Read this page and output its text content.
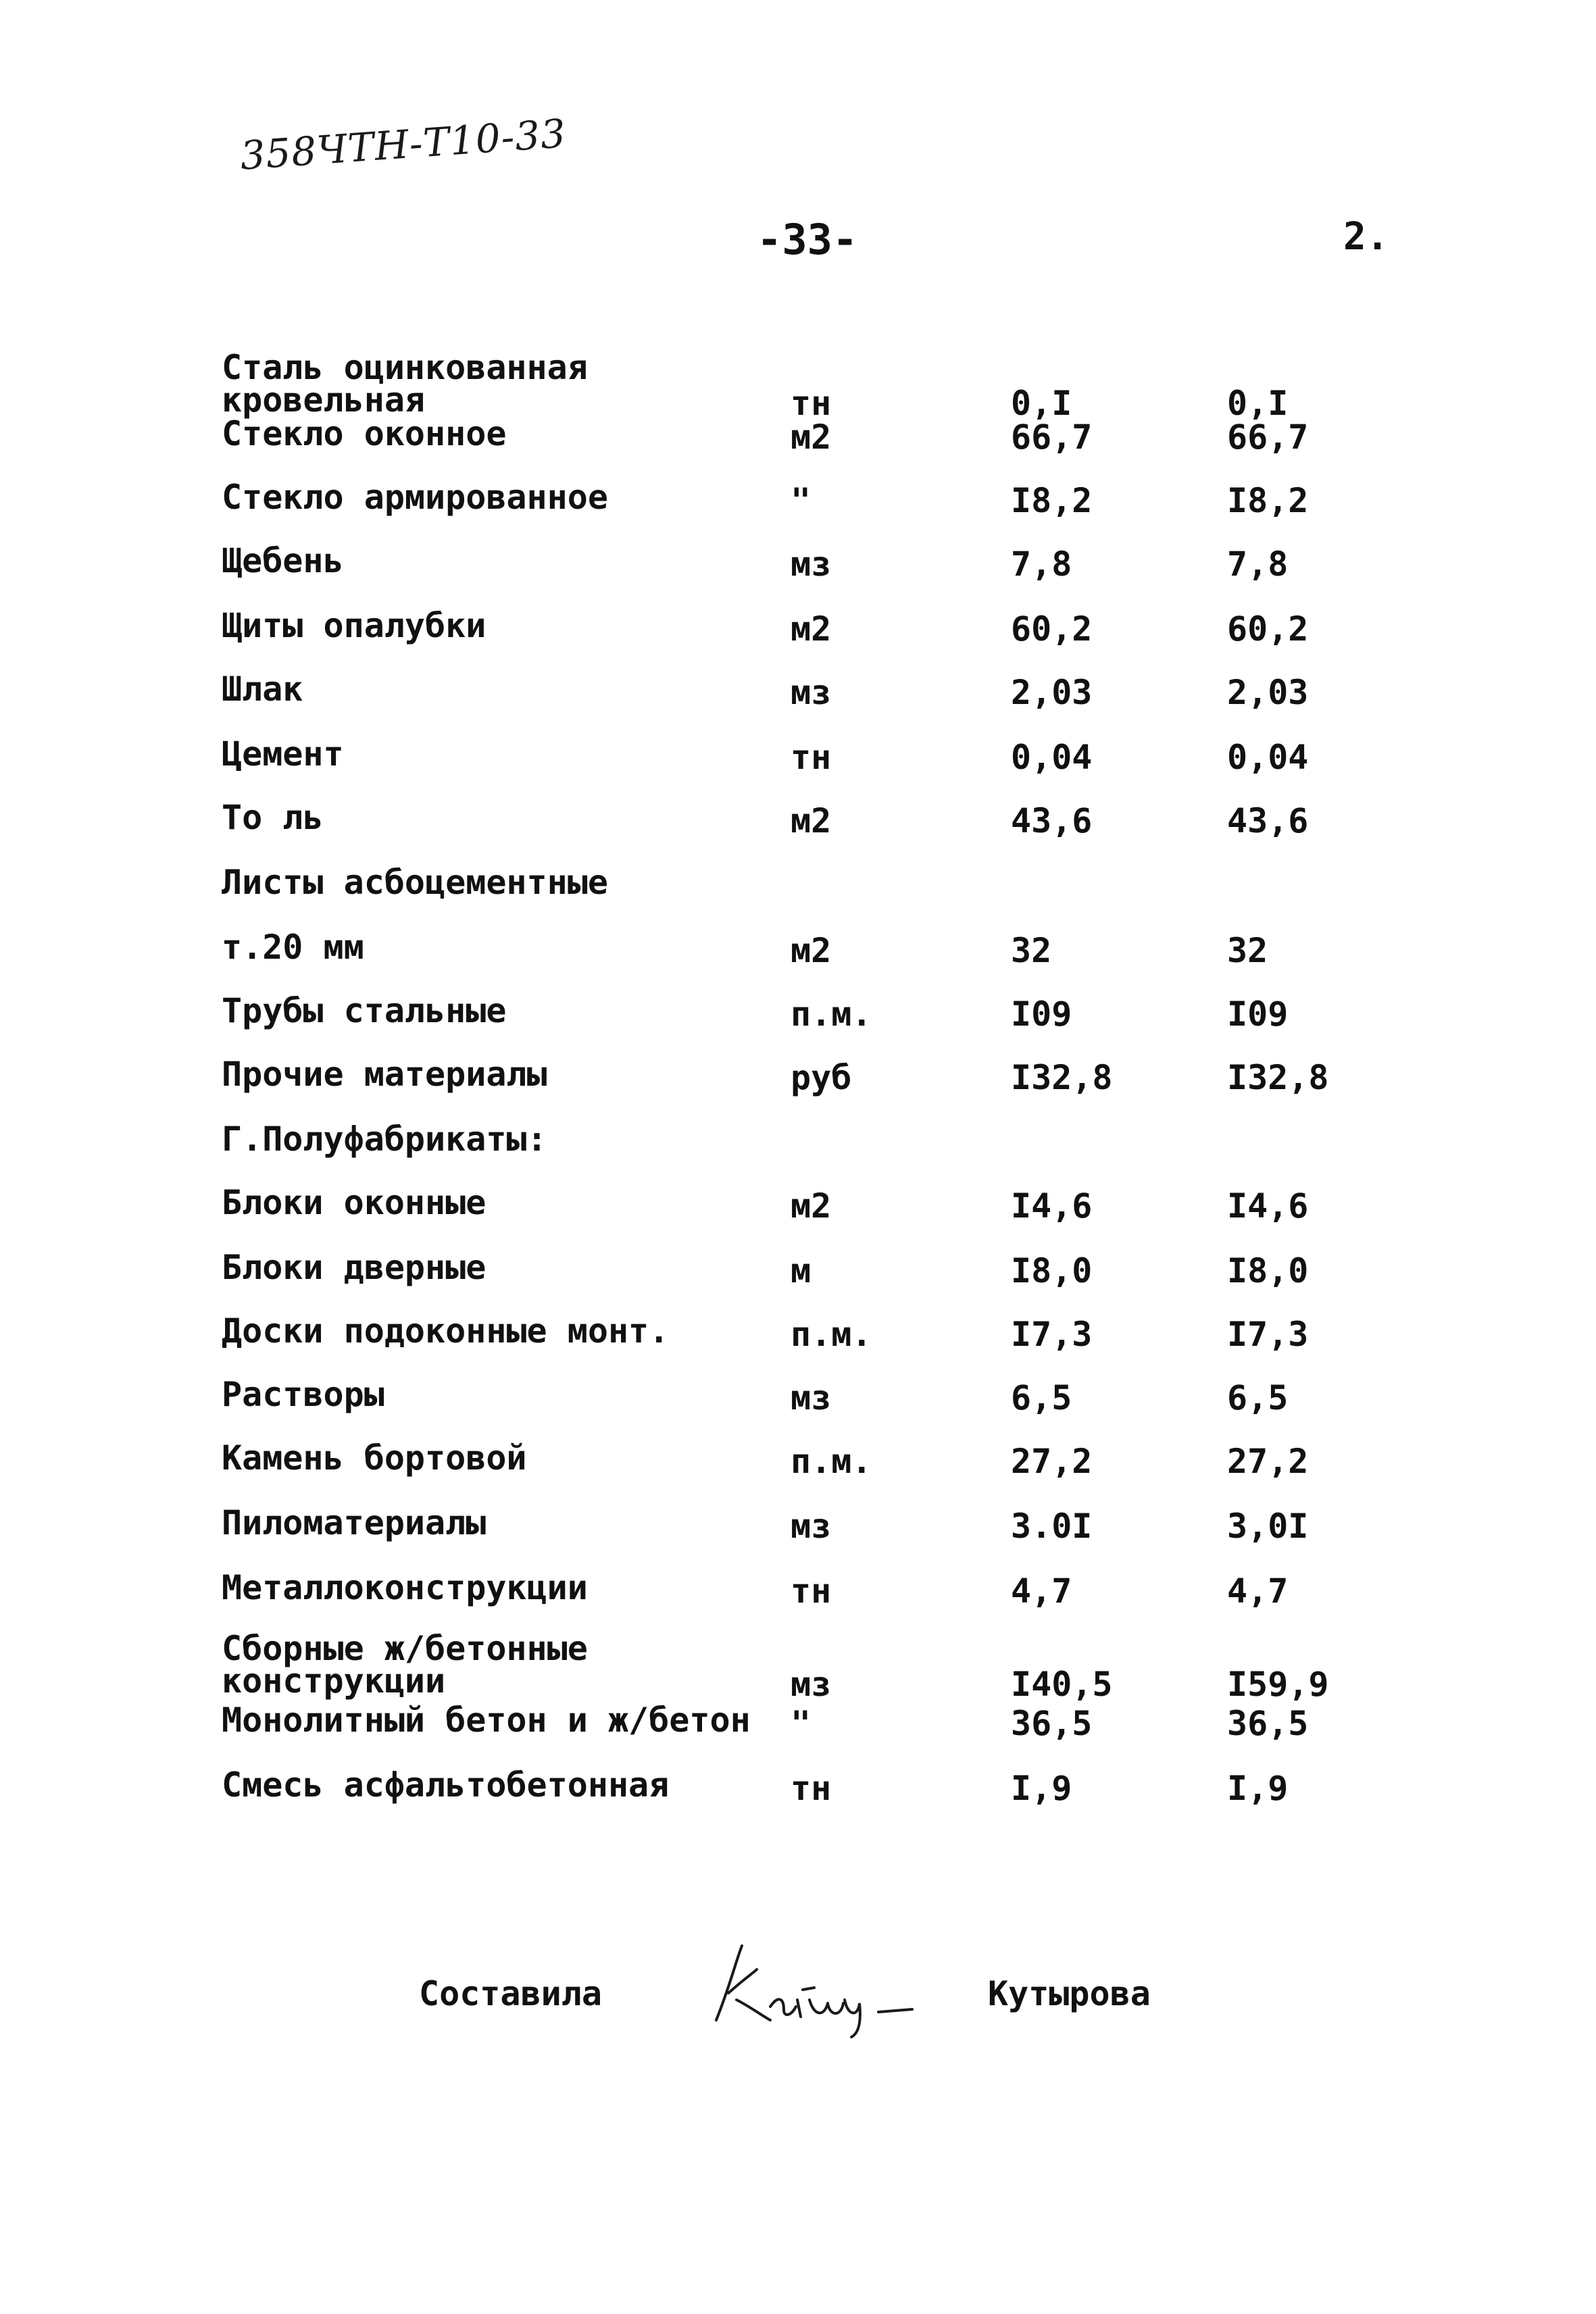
358ЧТН-Т10-33
-33-	2.
Сталь оцинкованная
кровельная	тн	0,I	0,I
Стекло оконное	м2	66,7	66,7
Стекло армированное	"	I8,2	I8,2
Щебень	мз	7,8	7,8
Щиты опалубки	м2	60,2	60,2
Шлак	мз	2,03	2,03
Цемент	тн	0,04	0,04
То ль	м2	43,6	43,6
Листы асбоцементные
т.20 мм	м2	32	32
Трубы стальные	п.м.	I09	I09
Прочие материалы	руб	I32,8	I32,8
Г.Полуфабрикаты:
Блоки оконные	м2	I4,6	I4,6
Блоки дверные	м	I8,0	I8,0
Доски подоконные монт.	п.м.	I7,3	I7,3
Растворы	мз	6,5	6,5
Камень бортовой	п.м.	27,2	27,2
Пиломатериалы	мз	3.0I	3,0I
Металлоконструкции	тн	4,7	4,7
Сборные ж/бетонные
конструкции	мз	I40,5	I59,9
Монолитный бетон и ж/бетон "	36,5	36,5
Смесь асфальтобетонная	тн	I,9	I,9
Составила	Кутырова
